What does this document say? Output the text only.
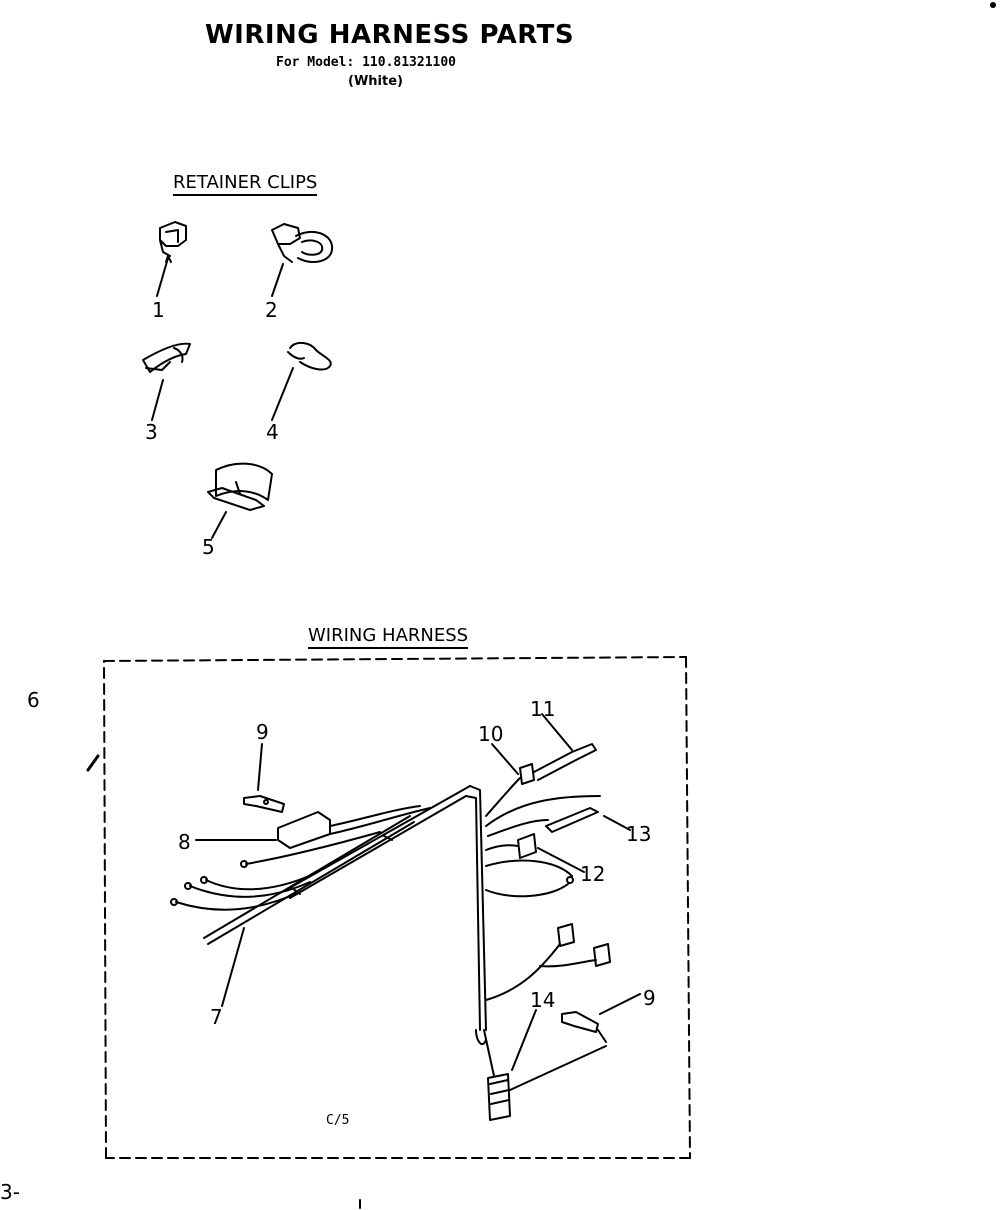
WIRING HARNESS PARTS
For Model: 110.81321100
(White)
RETAINER CLIPS
WIRING HARNESS
1	2
3	4
5
6
9
8
7
10
11
13
12
14	9
C/5
3-
